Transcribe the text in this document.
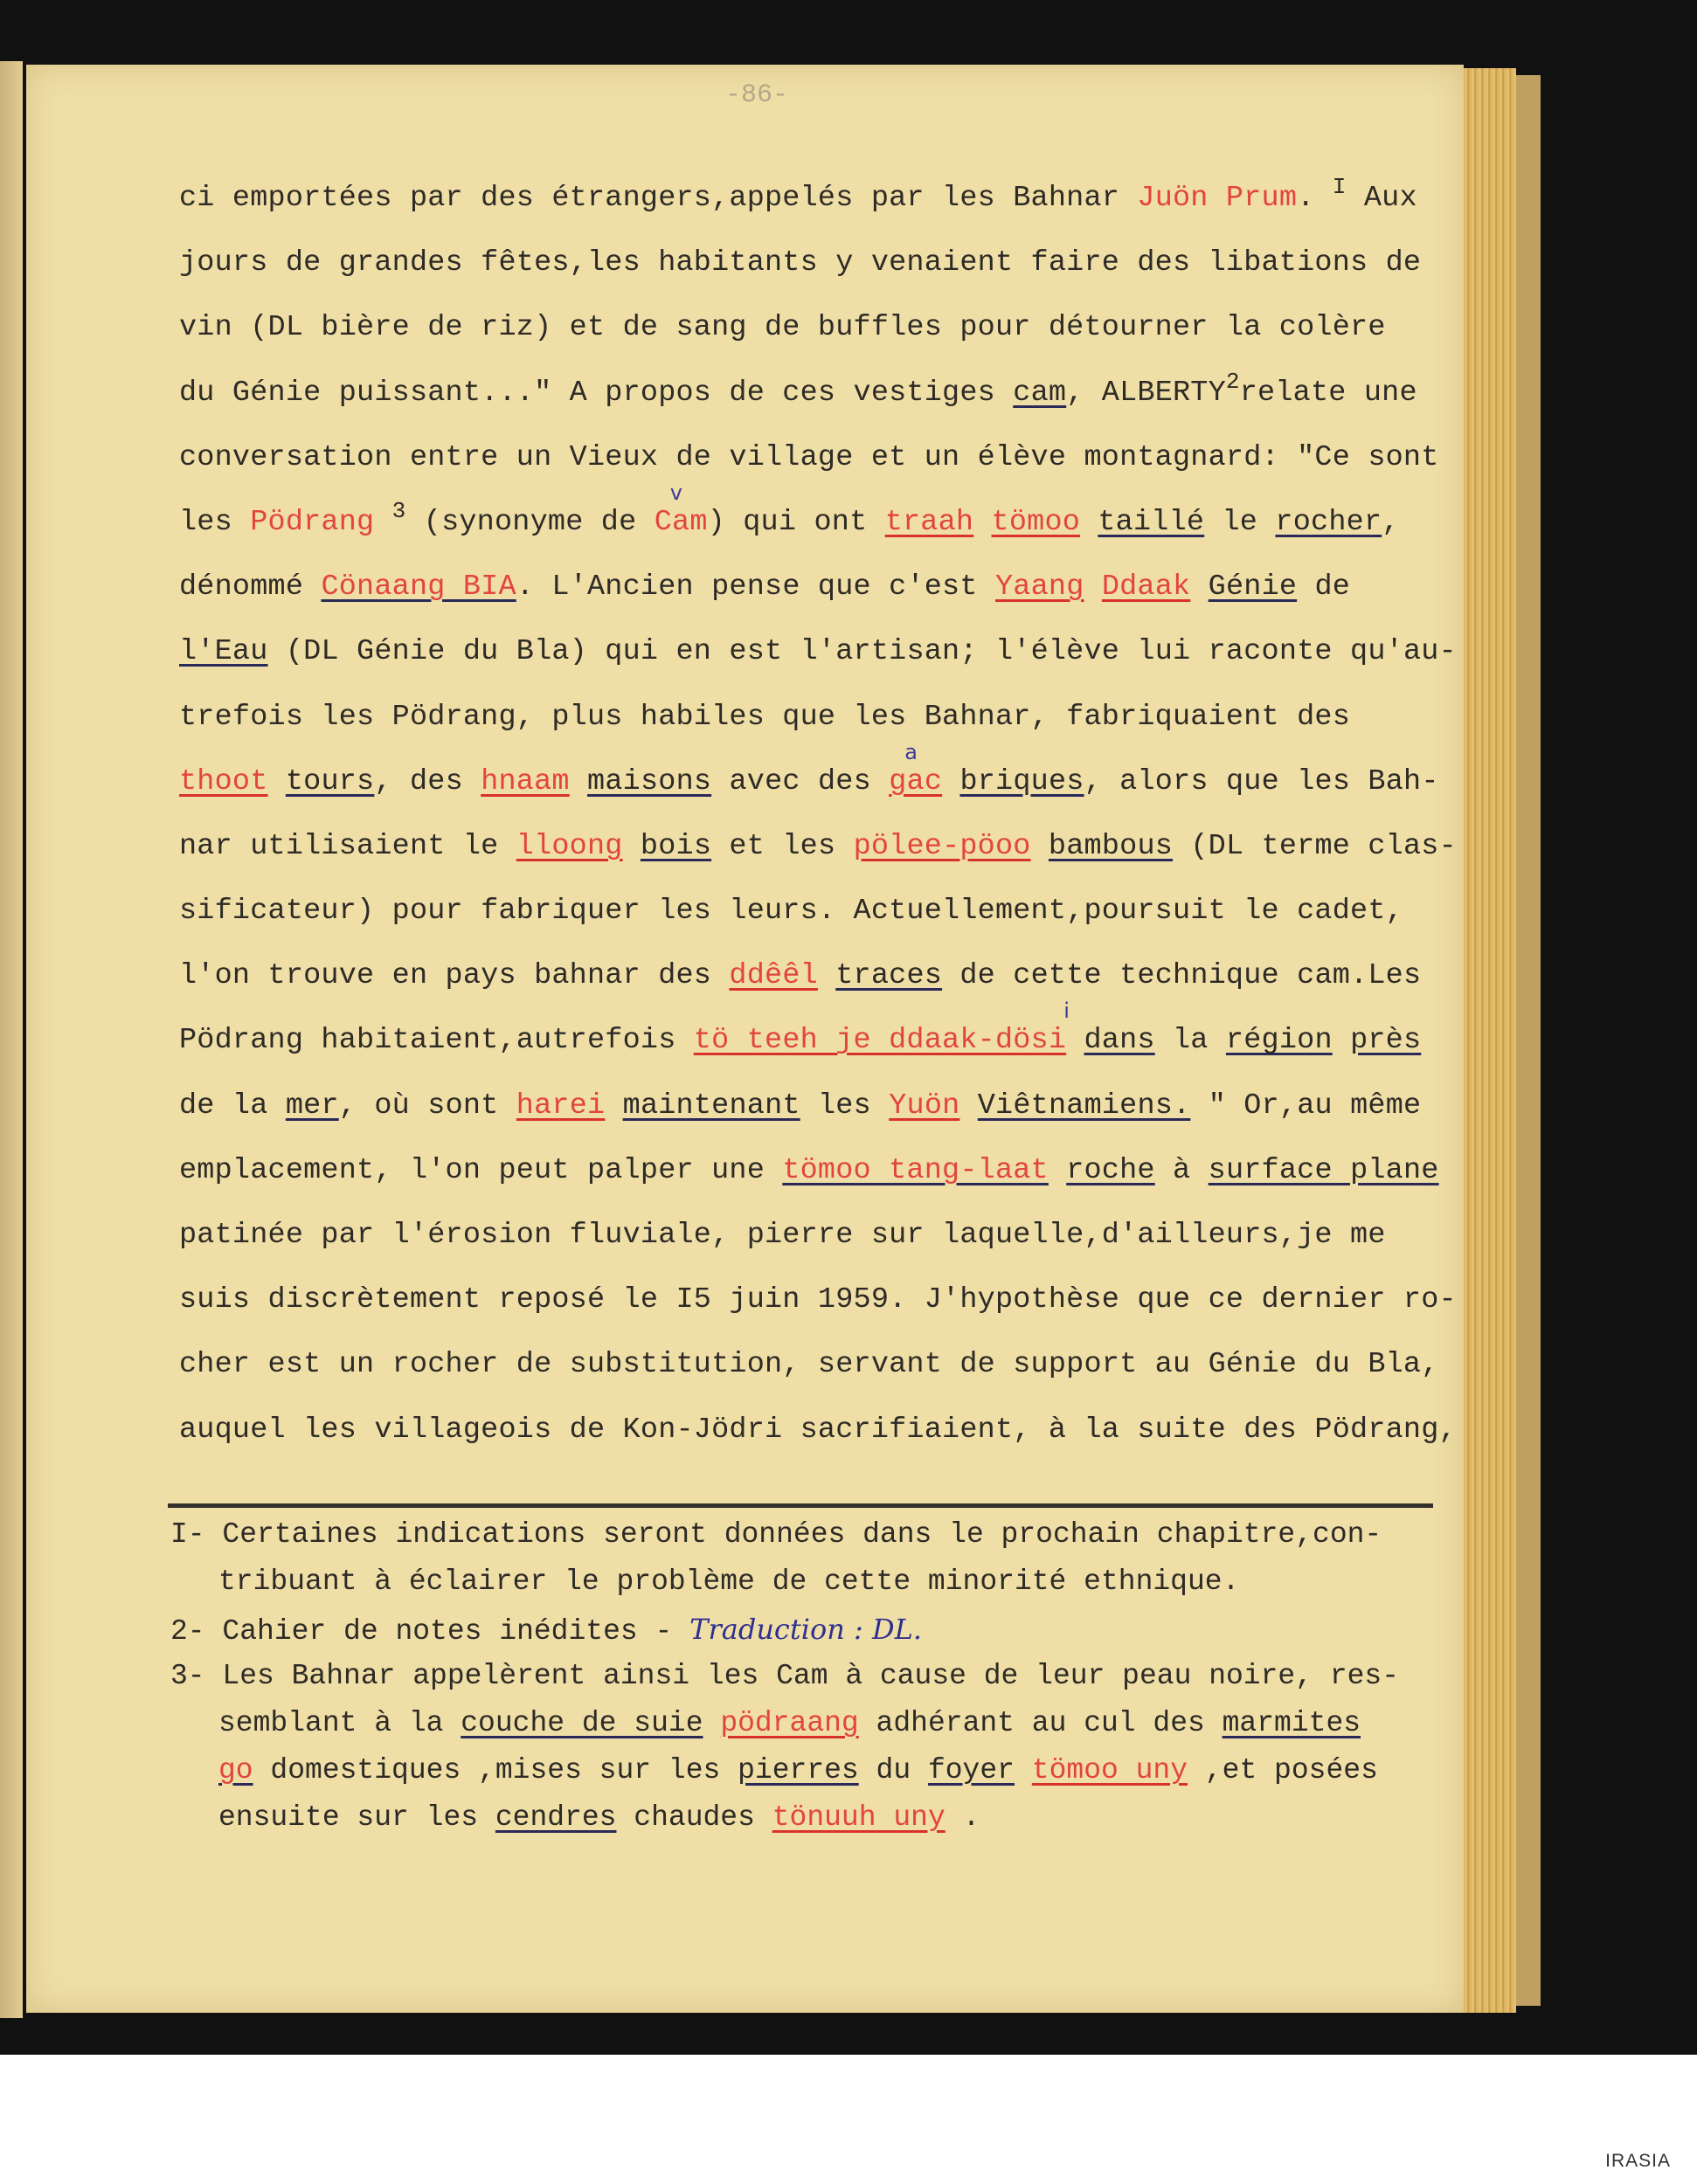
-86-
ci emportées par des étrangers,appelés par les Bahnar Juön Prum. $^I$ Aux
jours de grandes fêtes,les habitants y venaient faire des libations de
vin (DL bière de riz) et de sang de buffles pour détourner la colère
du Génie puissant..." A propos de ces vestiges cam, ALBERTY$^2$relate une
conversation entre un Vieux de village et un élève montagnard: "Ce sont
les Pödrang $^3$ (synonyme de
v
Cam) qui ont traah tömoo taillé le rocher,
dénommé Cönaang BIA. L'Ancien pense que c'est Yaang Ddaak Génie de
l'Eau (DL Génie du Bla) qui en est l'artisan; l'élève lui raconte qu'au-
trefois les Pödrang, plus habiles que les Bahnar, fabriquaient des
thoot tours, des hnaam maisons avec des
a
gac briques, alors que les Bah-
nar utilisaient le lloong bois et les pölee-pöoo bambous (DL terme clas-
sificateur) pour fabriquer les leurs. Actuellement,poursuit le cadet,
l'on trouve en pays bahnar des ddêêl traces de cette technique cam.Les
Pödrang habitaient,autrefois
i
tö teeh je ddaak-dösi dans la région près
de la mer, où sont harei maintenant les Yuön Viêtnamiens. " Or,au même
emplacement, l'on peut palper une tömoo tang-laat roche à surface plane
patinée par l'érosion fluviale, pierre sur laquelle,d'ailleurs,je me
suis discrètement reposé le I5 juin 1959. J'hypothèse que ce dernier ro-
cher est un rocher de substitution, servant de support au Génie du Bla,
auquel les villageois de Kon-Jödri sacrifiaient, à la suite des Pödrang,
I- Certaines indications seront données dans le prochain chapitre,con-
tribuant à éclairer le problème de cette minorité ethnique.
2- Cahier de notes inédites - Traduction : DL.
3- Les Bahnar appelèrent ainsi les Cam à cause de leur peau noire, res-
semblant à la couche de suie pödraang adhérant au cul des marmites
go domestiques ,mises sur les pierres du foyer tömoo uny ,et posées
ensuite sur les cendres chaudes tönuuh uny .
IRASIA
